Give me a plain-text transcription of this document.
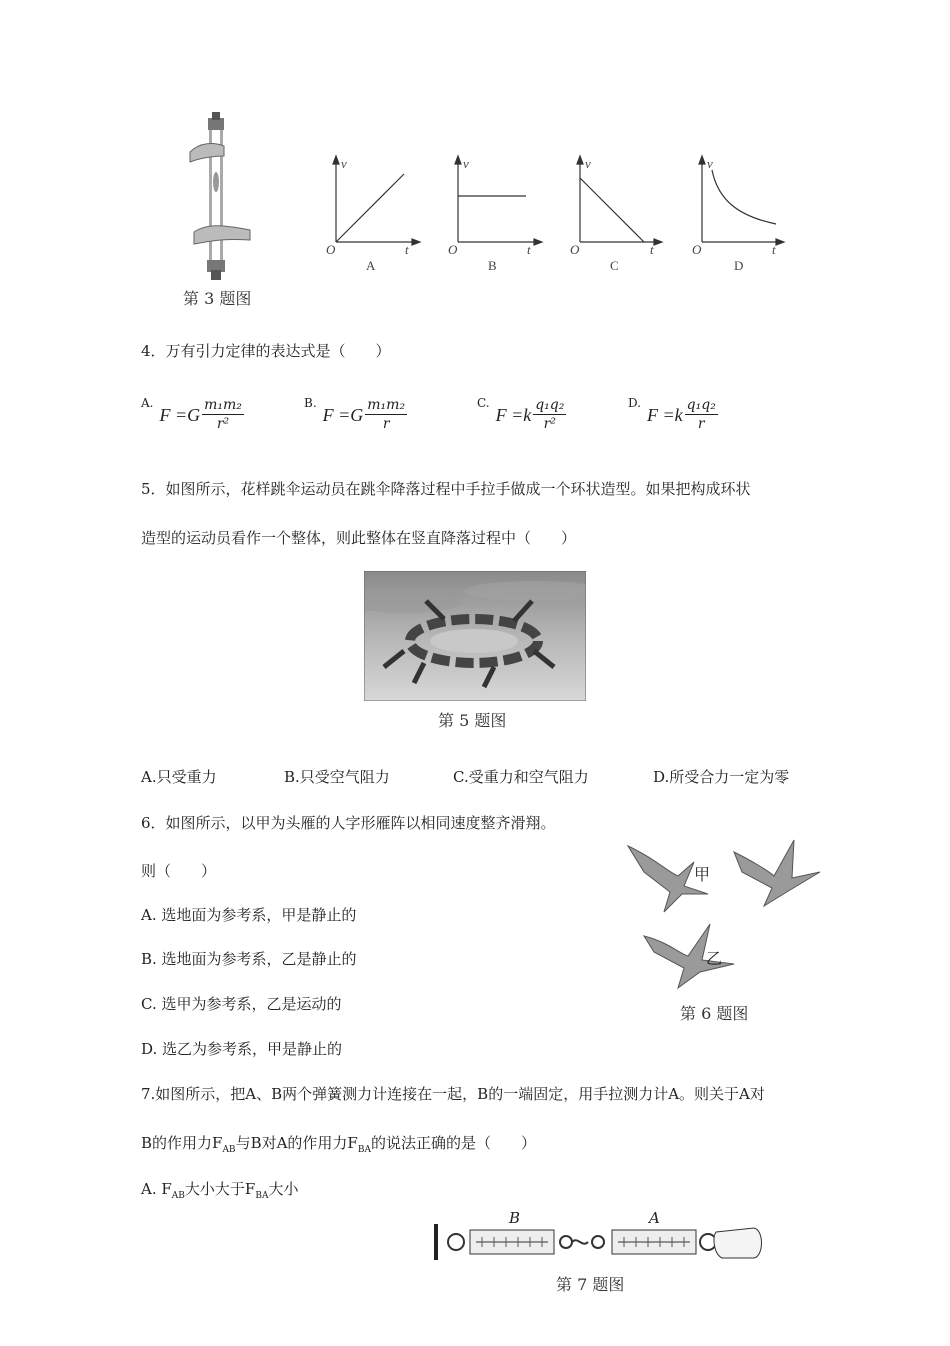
第 3 题图
v	v	v	v
O	O	O	O
t	t	t	t
A	B	C	D
4．万有引力定律的表达式是（　　）
A.
$F =G \frac{\text{m₁m₂}}{\text{r²}}$	B.
$F =G \frac{\text{m₁m₂}}{r}$	C.
$F =k \frac{\text{q₁q₂}}{\text{r²}}$	D.
$F =k \frac{\text{q₁q₂}}{r}$
5．如图所示，花样跳伞运动员在跳伞降落过程中手拉手做成一个环状造型。如果把构成环状
造型的运动员看作一个整体，则此整体在竖直降落过程中（　　）
第 5 题图
A.只受重力	B.只受空气阻力	C.受重力和空气阻力	D.所受合力一定为零
6．如图所示，以甲为头雁的人字形雁阵以相同速度整齐滑翔。
则（　　）
A. 选地面为参考系，甲是静止的
B. 选地面为参考系，乙是静止的
C. 选甲为参考系，乙是运动的
D. 选乙为参考系，甲是静止的
甲
乙
第 6 题图
7.如图所示，把A、B两个弹簧测力计连接在一起，B的一端固定，用手拉测力计A。则关于A对
B的作用力$F_{AB}$与B对A的作用力$F_{BA}$的说法正确的是（　　）
A. $F_{AB}$大小大于$F_{BA}$大小
B	A
第 7 题图
